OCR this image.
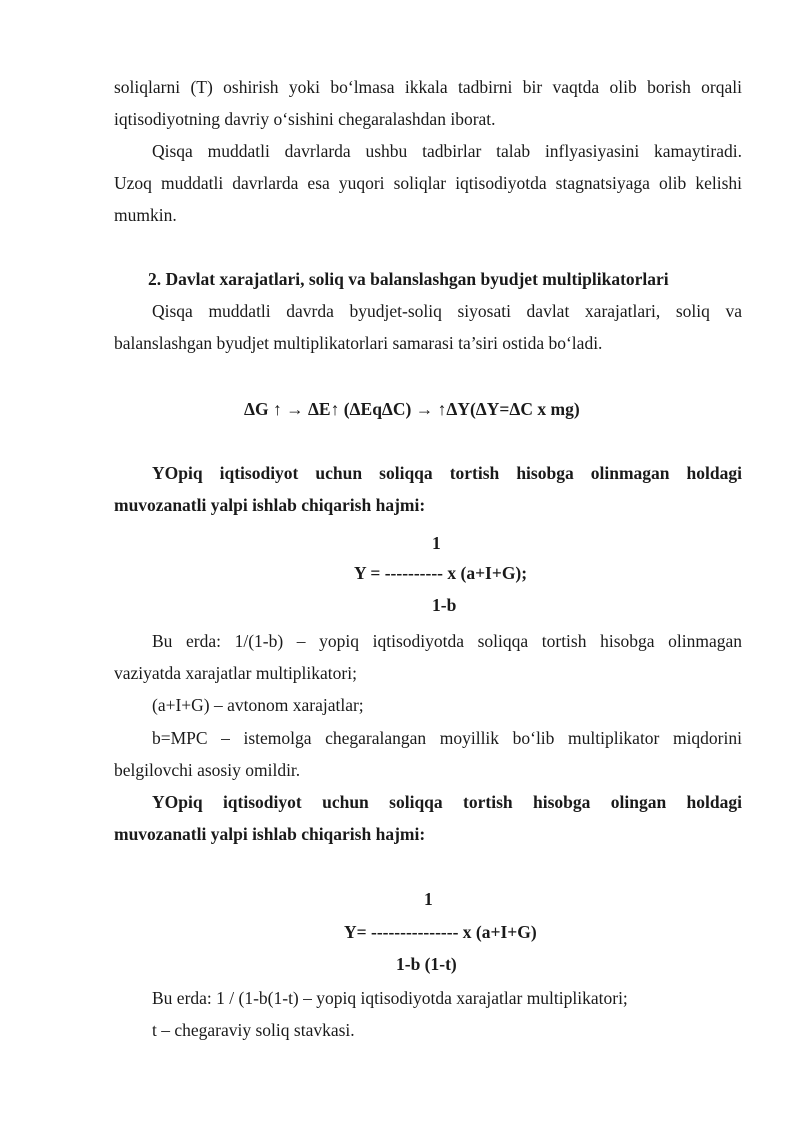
soliqlarni (T) oshirish yoki bo‘lmasa ikkala tadbirni bir vaqtda olib borish orqali
iqtisodiyotning davriy o‘sishini chegaralashdan iborat.
Qisqa muddatli davrlarda ushbu tadbirlar talab inflyasiyasini kamaytiradi.
Uzoq muddatli davrlarda esa yuqori soliqlar iqtisodiyotda stagnatsiyaga olib kelishi
mumkin.
2. Davlat xarajatlari, soliq va balanslashgan byudjet multiplikatorlari
Qisqa muddatli davrda byudjet-soliq siyosati davlat xarajatlari, soliq va
balanslashgan byudjet multiplikatorlari samarasi ta’siri ostida bo‘ladi.
ΔG ↑ → ΔE↑ (ΔEqΔC) → ↑ΔY(ΔY=ΔC x mg)
YOpiq iqtisodiyot uchun soliqqa tortish hisobga olinmagan holdagi
muvozanatli yalpi ishlab chiqarish hajmi:
1
Y = ---------- x (a+I+G);
1-b
Bu erda: 1/(1-b) – yopiq iqtisodiyotda soliqqa tortish hisobga olinmagan
vaziyatda xarajatlar multiplikatori;
(a+I+G) – avtonom xarajatlar;
b=MPC – istemolga chegaralangan moyillik bo‘lib multiplikator miqdorini
belgilovchi asosiy omildir.
YOpiq iqtisodiyot uchun soliqqa tortish hisobga olingan holdagi
muvozanatli yalpi ishlab chiqarish hajmi:
1
Y= --------------- x (a+I+G)
1-b (1-t)
Bu erda: 1 / (1-b(1-t) – yopiq iqtisodiyotda xarajatlar multiplikatori;
t – chegaraviy soliq stavkasi.
